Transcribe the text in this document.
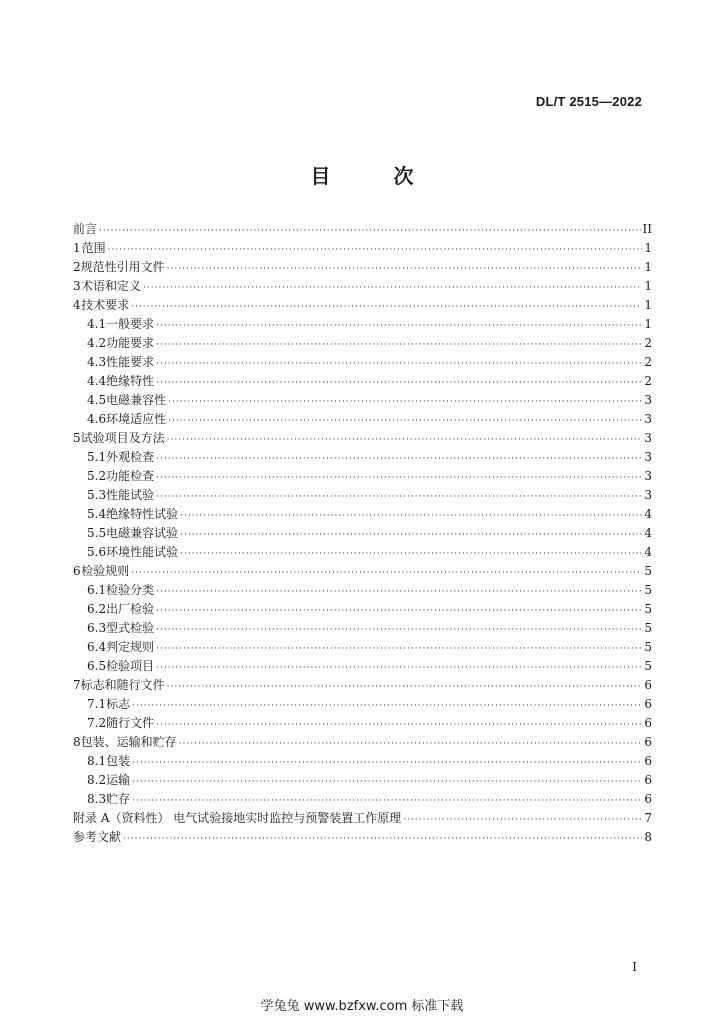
DL/T 2515—2022
目 次
前言 ·····	II
1 范围 ·····	1
2 规范性引用文件 ·····	1
3 术语和定义 ·····	1
4 技术要求 ·····	1
4.1 一般要求 ·····	1
4.2 功能要求 ·····	2
4.3 性能要求 ·····	2
4.4 绝缘特性 ·····	2
4.5 电磁兼容性 ·····	3
4.6 环境适应性 ·····	3
5 试验项目及方法 ·····	3
5.1 外观检查 ·····	3
5.2 功能检查 ·····	3
5.3 性能试验 ·····	3
5.4 绝缘特性试验 ·····	4
5.5 电磁兼容试验 ·····	4
5.6 环境性能试验 ·····	4
6 检验规则 ·····	5
6.1 检验分类 ·····	5
6.2 出厂检验 ·····	5
6.3 型式检验 ·····	5
6.4 判定规则 ·····	5
6.5 检验项目 ·····	5
7 标志和随行文件 ·····	6
7.1 标志 ·····	6
7.2 随行文件 ·····	6
8 包装、运输和贮存 ·····	6
8.1 包装 ·····	6
8.2 运输 ·····	6
8.3 贮存 ·····	6
附录 A（资料性） 电气试验接地实时监控与预警装置工作原理 ·····	7
参考文献 ·····	8
I
学兔兔 www.bzfxw.com 标准下载
